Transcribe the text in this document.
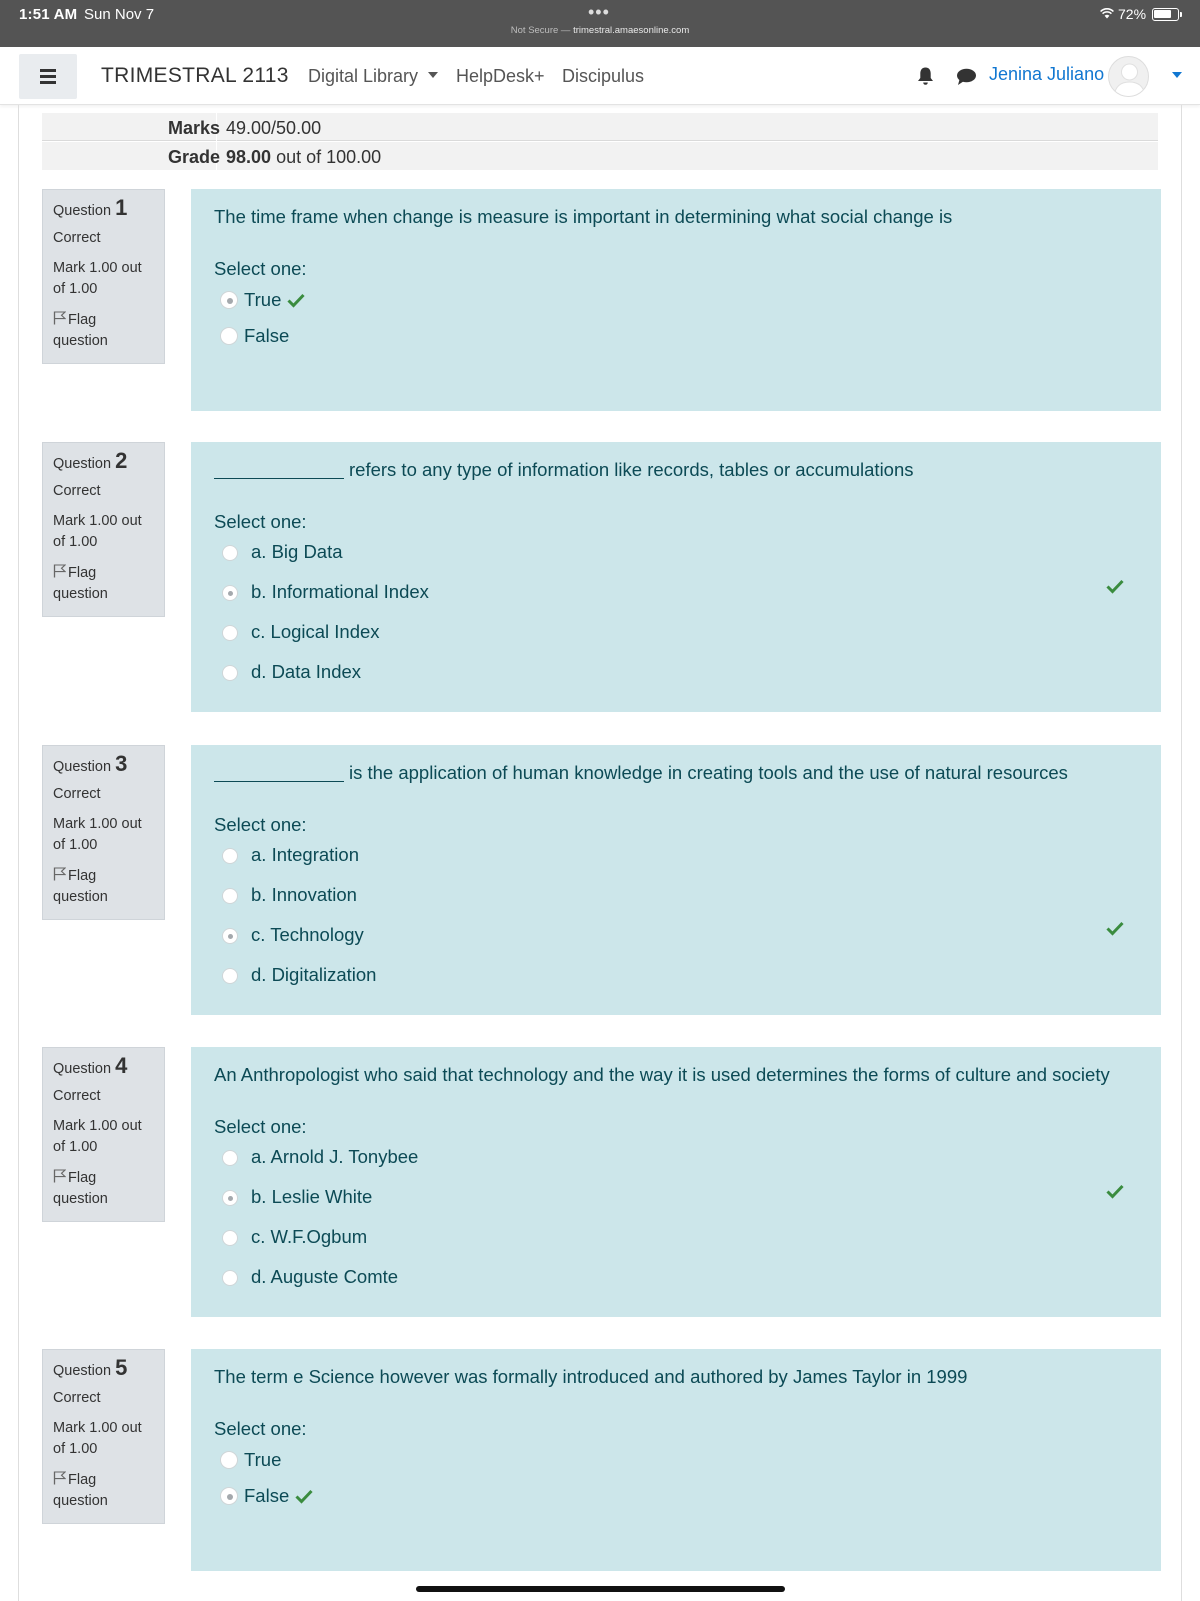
1:51 AM Sun Nov 7	•••
Not Secure — trimestral.amaesonline.com
72%
TRIMESTRAL 2113 Digital Library	HelpDesk+ Discipulus	Jenina Juliano
Marks 49.00/50.00
Grade 98.00 out of 100.00
Question 1
Correct
Mark 1.00 out
of 1.00
Flag
question
The time frame when change is measure is important in determining what social change is
Select one:
True
False
Question 2
Correct
Mark 1.00 out
of 1.00
Flag
question
refers to any type of information like records, tables or accumulations
Select one:
a. Big Data
b. Informational Index
c. Logical Index
d. Data Index
Question 3
Correct
Mark 1.00 out
of 1.00
Flag
question
is the application of human knowledge in creating tools and the use of natural resources
Select one:
a. Integration
b. Innovation
c. Technology
d. Digitalization
Question 4
Correct
Mark 1.00 out
of 1.00
Flag
question
An Anthropologist who said that technology and the way it is used determines the forms of culture and society
Select one:
a. Arnold J. Tonybee
b. Leslie White
c. W.F.Ogbum
d. Auguste Comte
Question 5
Correct
Mark 1.00 out
of 1.00
Flag
question
The term e Science however was formally introduced and authored by James Taylor in 1999
Select one:
True
False
